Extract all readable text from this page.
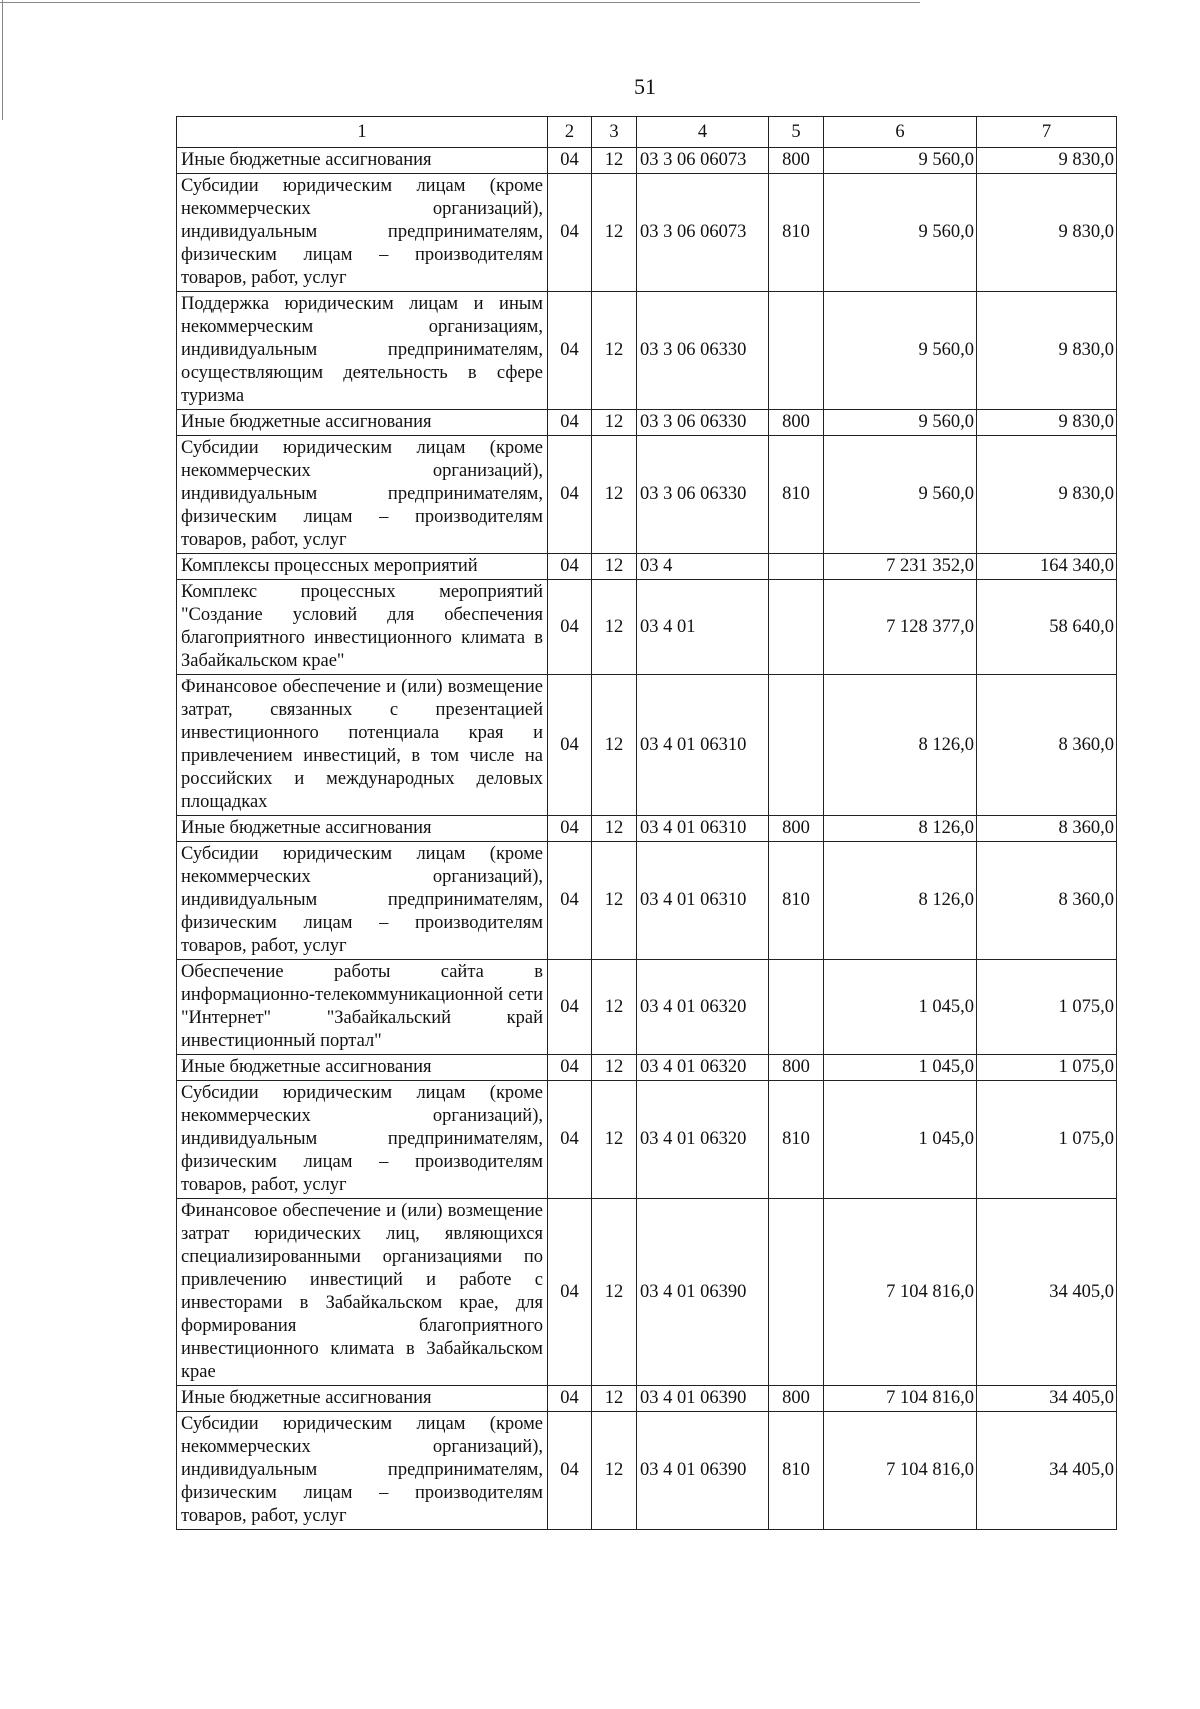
51
1	2	3	4	5	6	7
Иные бюджетные ассигнования	04	12	03 3 06 06073	800	9 560,0	9 830,0
Субсидии юридическим лицам (кроме некоммерческих организаций), индивидуальным предпринимателям, физическим лицам – производителям товаров, работ, услуг	04	12	03 3 06 06073	810	9 560,0	9 830,0
Поддержка юридическим лицам и иным некоммерческим организациям, индивидуальным предпринимателям, осуществляющим деятельность в сфере туризма	04	12	03 3 06 06330		9 560,0	9 830,0
Иные бюджетные ассигнования	04	12	03 3 06 06330	800	9 560,0	9 830,0
Субсидии юридическим лицам (кроме некоммерческих организаций), индивидуальным предпринимателям, физическим лицам – производителям товаров, работ, услуг	04	12	03 3 06 06330	810	9 560,0	9 830,0
Комплексы процессных мероприятий	04	12	03 4		7 231 352,0	164 340,0
Комплекс процессных мероприятий "Создание условий для обеспечения благоприятного инвестиционного климата в Забайкальском крае"	04	12	03 4 01		7 128 377,0	58 640,0
Финансовое обеспечение и (или) возмещение затрат, связанных с презентацией инвестиционного потенциала края и привлечением инвестиций, в том числе на российских и международных деловых площадках	04	12	03 4 01 06310		8 126,0	8 360,0
Иные бюджетные ассигнования	04	12	03 4 01 06310	800	8 126,0	8 360,0
Субсидии юридическим лицам (кроме некоммерческих организаций), индивидуальным предпринимателям, физическим лицам – производителям товаров, работ, услуг	04	12	03 4 01 06310	810	8 126,0	8 360,0
Обеспечение работы сайта в информационно-телекоммуникационной сети "Интернет" "Забайкальский край инвестиционный портал"	04	12	03 4 01 06320		1 045,0	1 075,0
Иные бюджетные ассигнования	04	12	03 4 01 06320	800	1 045,0	1 075,0
Субсидии юридическим лицам (кроме некоммерческих организаций), индивидуальным предпринимателям, физическим лицам – производителям товаров, работ, услуг	04	12	03 4 01 06320	810	1 045,0	1 075,0
Финансовое обеспечение и (или) возмещение затрат юридических лиц, являющихся специализированными организациями по привлечению инвестиций и работе с инвесторами в Забайкальском крае, для формирования благоприятного инвестиционного климата в Забайкальском крае	04	12	03 4 01 06390		7 104 816,0	34 405,0
Иные бюджетные ассигнования	04	12	03 4 01 06390	800	7 104 816,0	34 405,0
Субсидии юридическим лицам (кроме некоммерческих организаций), индивидуальным предпринимателям, физическим лицам – производителям товаров, работ, услуг	04	12	03 4 01 06390	810	7 104 816,0	34 405,0
